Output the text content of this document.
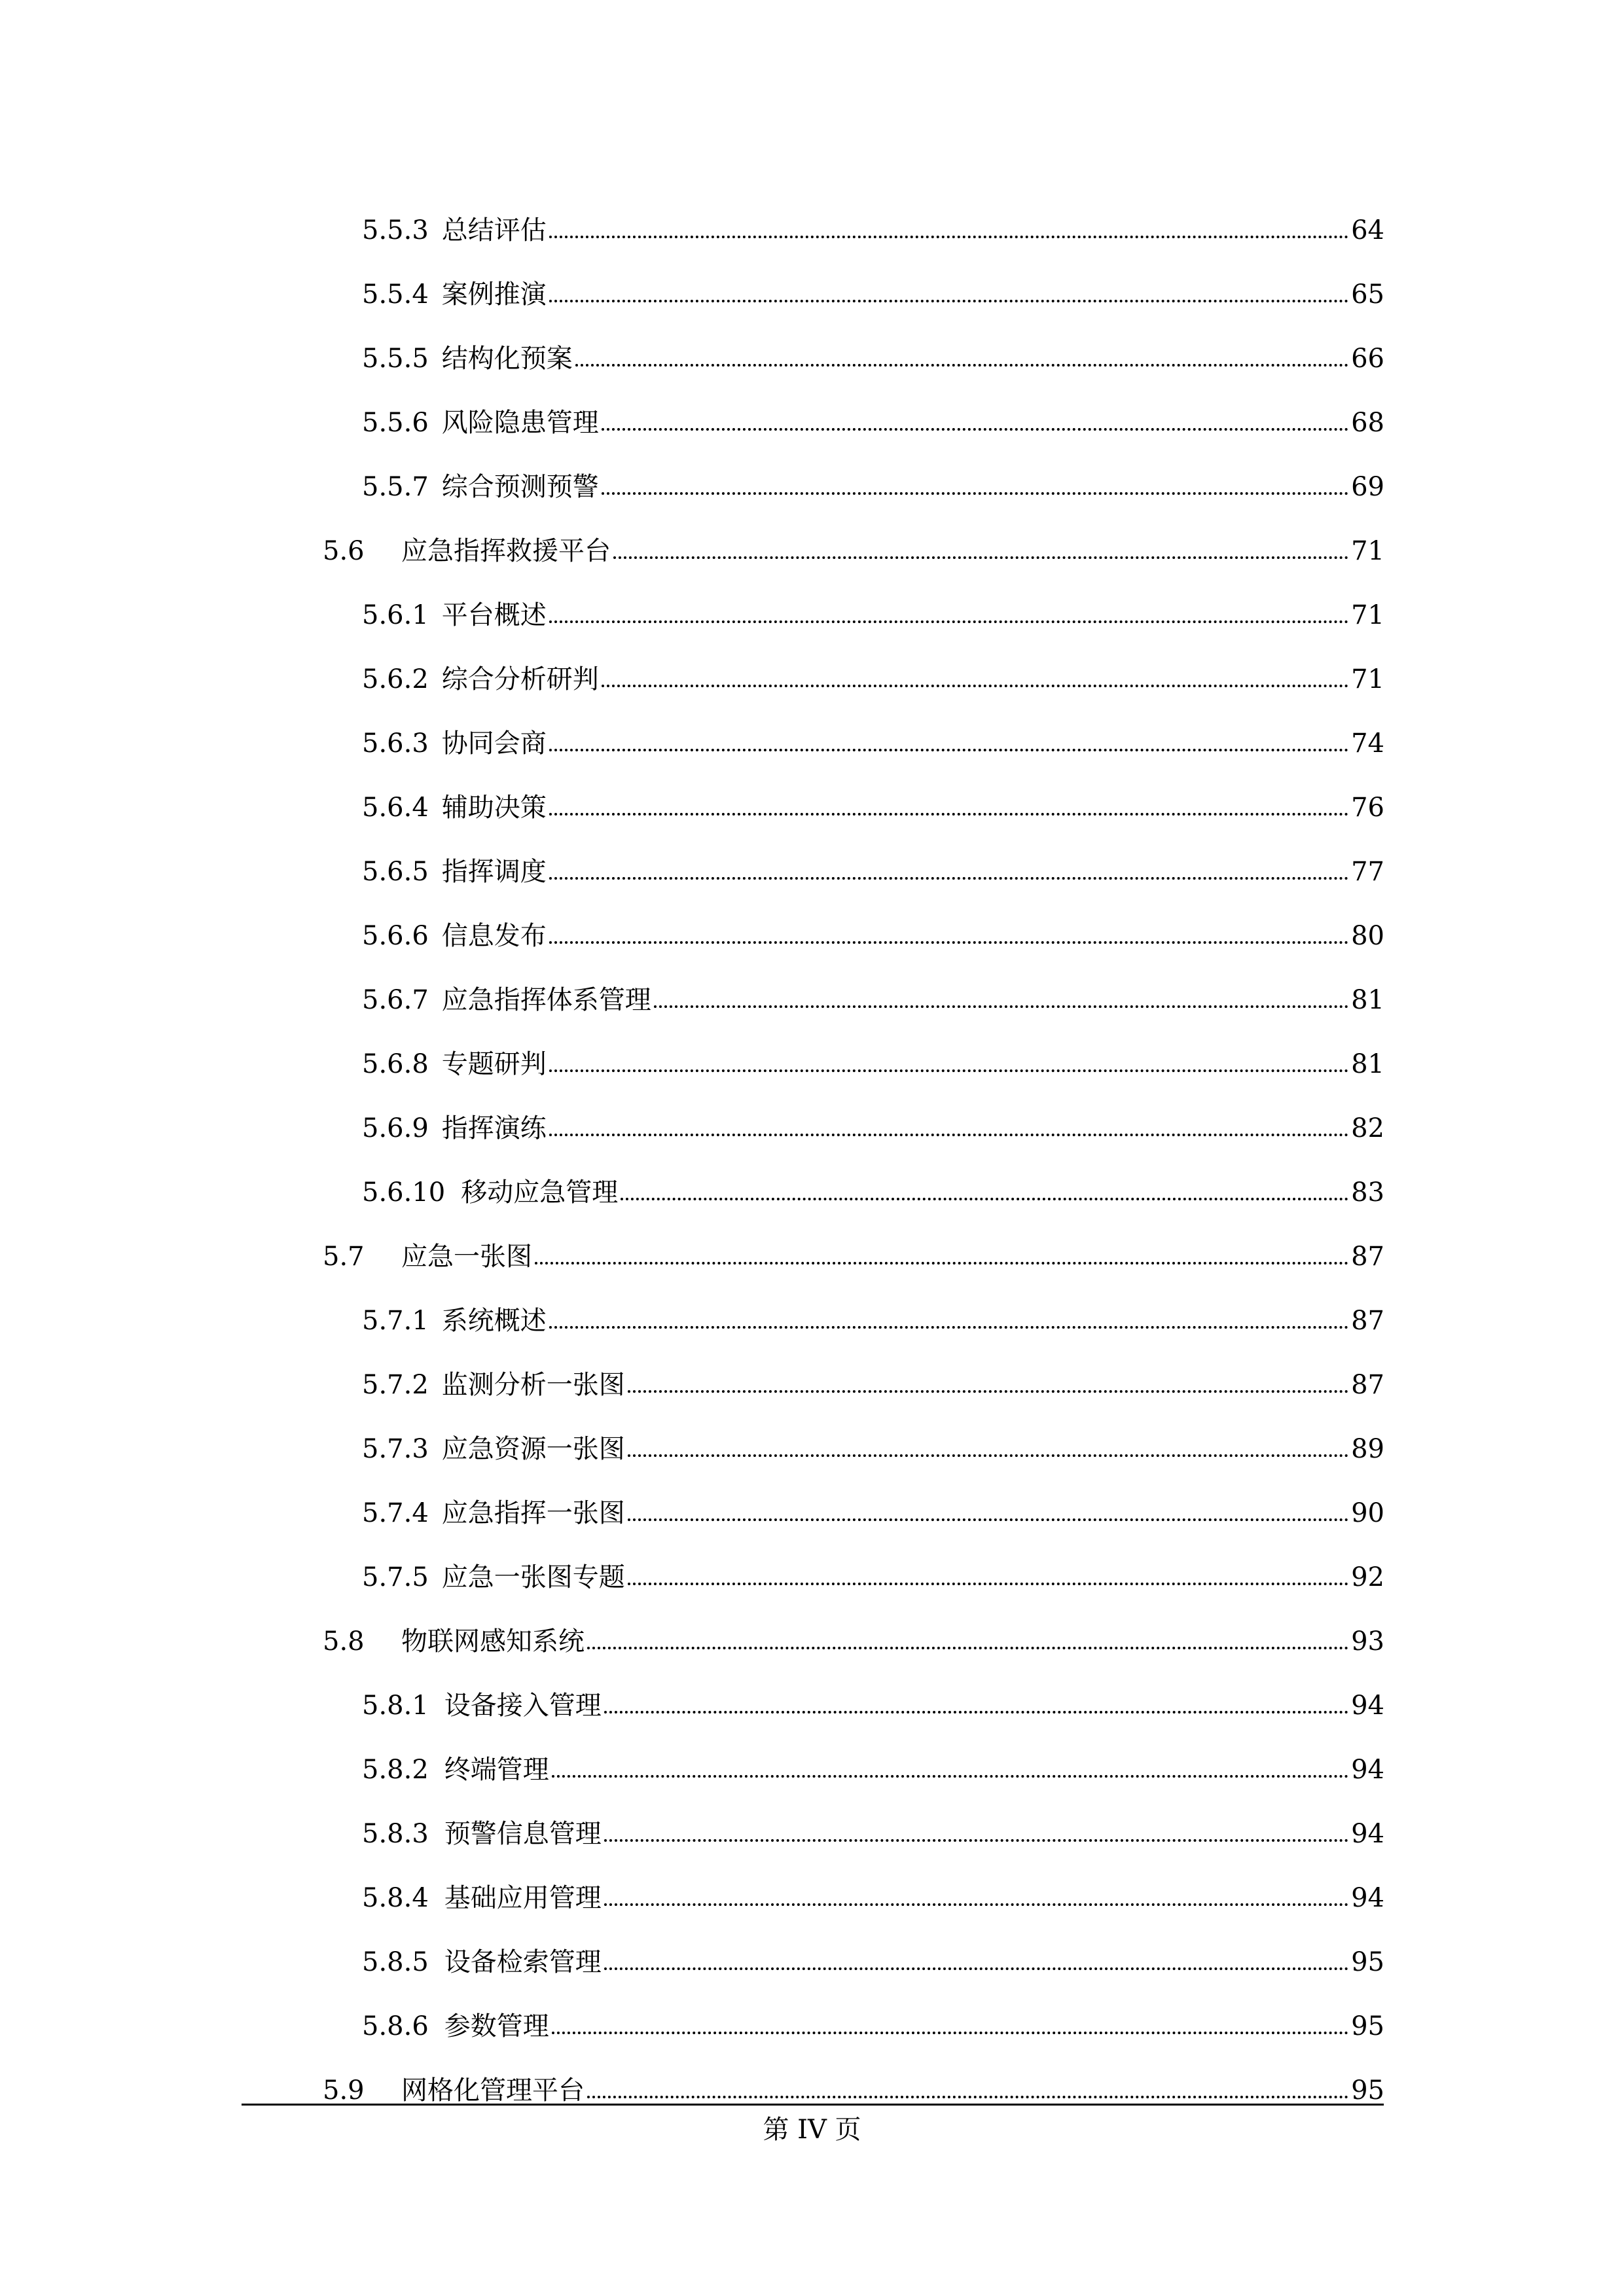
5.5.3 总结评估	64
5.5.4 案例推演	65
5.5.5 结构化预案	66
5.5.6 风险隐患管理	68
5.5.7 综合预测预警	69
5.6	应急指挥救援平台	71
5.6.1 平台概述	71
5.6.2 综合分析研判	71
5.6.3 协同会商	74
5.6.4 辅助决策	76
5.6.5 指挥调度	77
5.6.6 信息发布	80
5.6.7 应急指挥体系管理	81
5.6.8 专题研判	81
5.6.9 指挥演练	82
5.6.10 移动应急管理	83
5.7	应急一张图	87
5.7.1 系统概述	87
5.7.2 监测分析一张图	87
5.7.3 应急资源一张图	89
5.7.4 应急指挥一张图	90
5.7.5 应急一张图专题	92
5.8	物联网感知系统	93
5.8.1 设备接入管理	94
5.8.2 终端管理	94
5.8.3 预警信息管理	94
5.8.4 基础应用管理	94
5.8.5 设备检索管理	95
5.8.6 参数管理	95
5.9	网格化管理平台	95
第 IV 页
